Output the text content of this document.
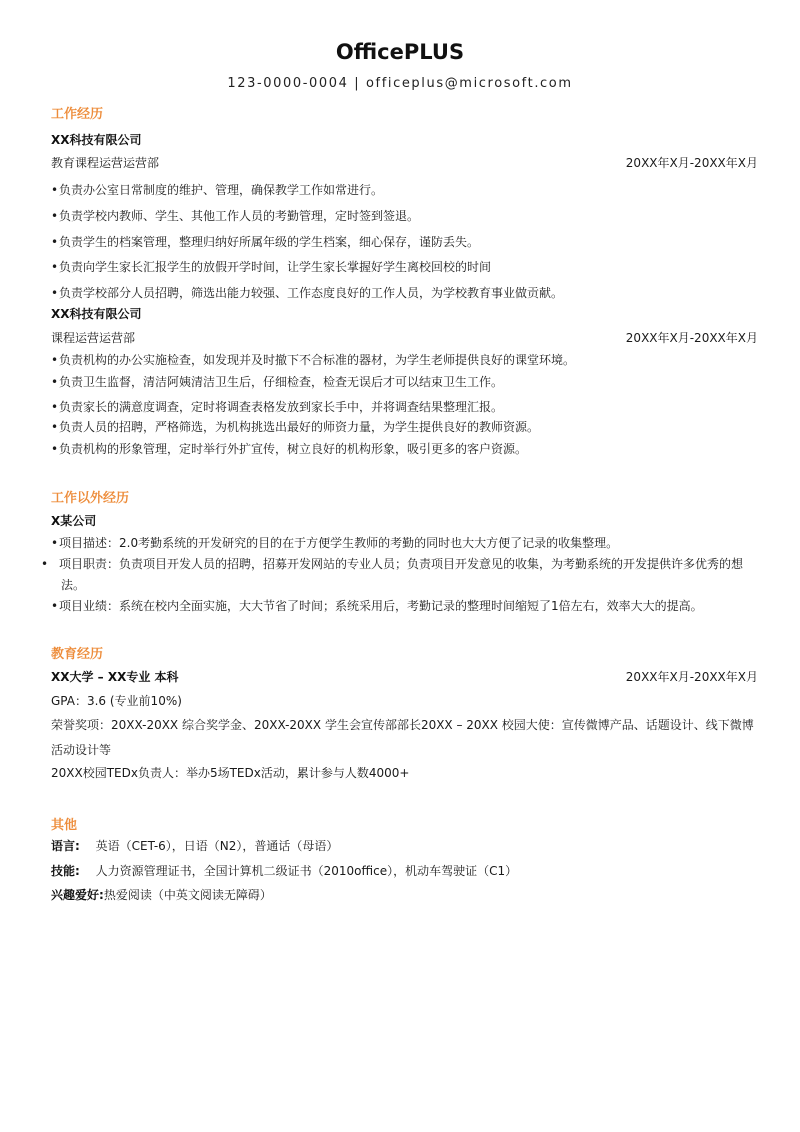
OfficePLUS
123-0000-0004 | officeplus@microsoft.com
工作经历
XX科技有限公司
教育课程运营运营部	20XX年X月-20XX年X月
•负责办公室日常制度的维护、管理，确保教学工作如常进行。
•负责学校内教师、学生、其他工作人员的考勤管理，定时签到签退。
•负责学生的档案管理，整理归纳好所属年级的学生档案，细心保存，谨防丢失。
•负责向学生家长汇报学生的放假开学时间，让学生家长掌握好学生离校回校的时间
•负责学校部分人员招聘，筛选出能力较强、工作态度良好的工作人员，为学校教育事业做贡献。
XX科技有限公司
课程运营运营部	20XX年X月-20XX年X月
•负责机构的办公实施检查，如发现并及时撤下不合标准的器材，为学生老师提供良好的课堂环境。
•负责卫生监督，清洁阿姨清洁卫生后，仔细检查，检查无误后才可以结束卫生工作。
•负责家长的满意度调查，定时将调查表格发放到家长手中，并将调查结果整理汇报。
•负责人员的招聘，严格筛选，为机构挑选出最好的师资力量，为学生提供良好的教师资源。
•负责机构的形象管理，定时举行外扩宣传，树立良好的机构形象，吸引更多的客户资源。
工作以外经历
X某公司
•项目描述：2.0考勤系统的开发研究的目的在于方便学生教师的考勤的同时也大大方便了记录的收集整理。
• 项目职责：负责项目开发人员的招聘，招募开发网站的专业人员；负责项目开发意见的收集，为考勤系统的开发提供许多优秀的想法。
•项目业绩：系统在校内全面实施，大大节省了时间；系统采用后，考勤记录的整理时间缩短了1倍左右，效率大大的提高。
教育经历
XX大学 – XX专业 本科	20XX年X月-20XX年X月
GPA：3.6 (专业前10%)
荣誉奖项：20XX-20XX 综合奖学金、20XX-20XX 学生会宣传部部长20XX – 20XX 校园大使：宣传微博产品、话题设计、线下微博活动设计等
20XX校园TEDx负责人：举办5场TEDx活动，累计参与人数4000+
其他
语言: 英语（CET-6），日语（N2），普通话（母语）
技能: 人力资源管理证书，全国计算机二级证书（2010office），机动车驾驶证（C1）
兴趣爱好:热爱阅读（中英文阅读无障碍）
